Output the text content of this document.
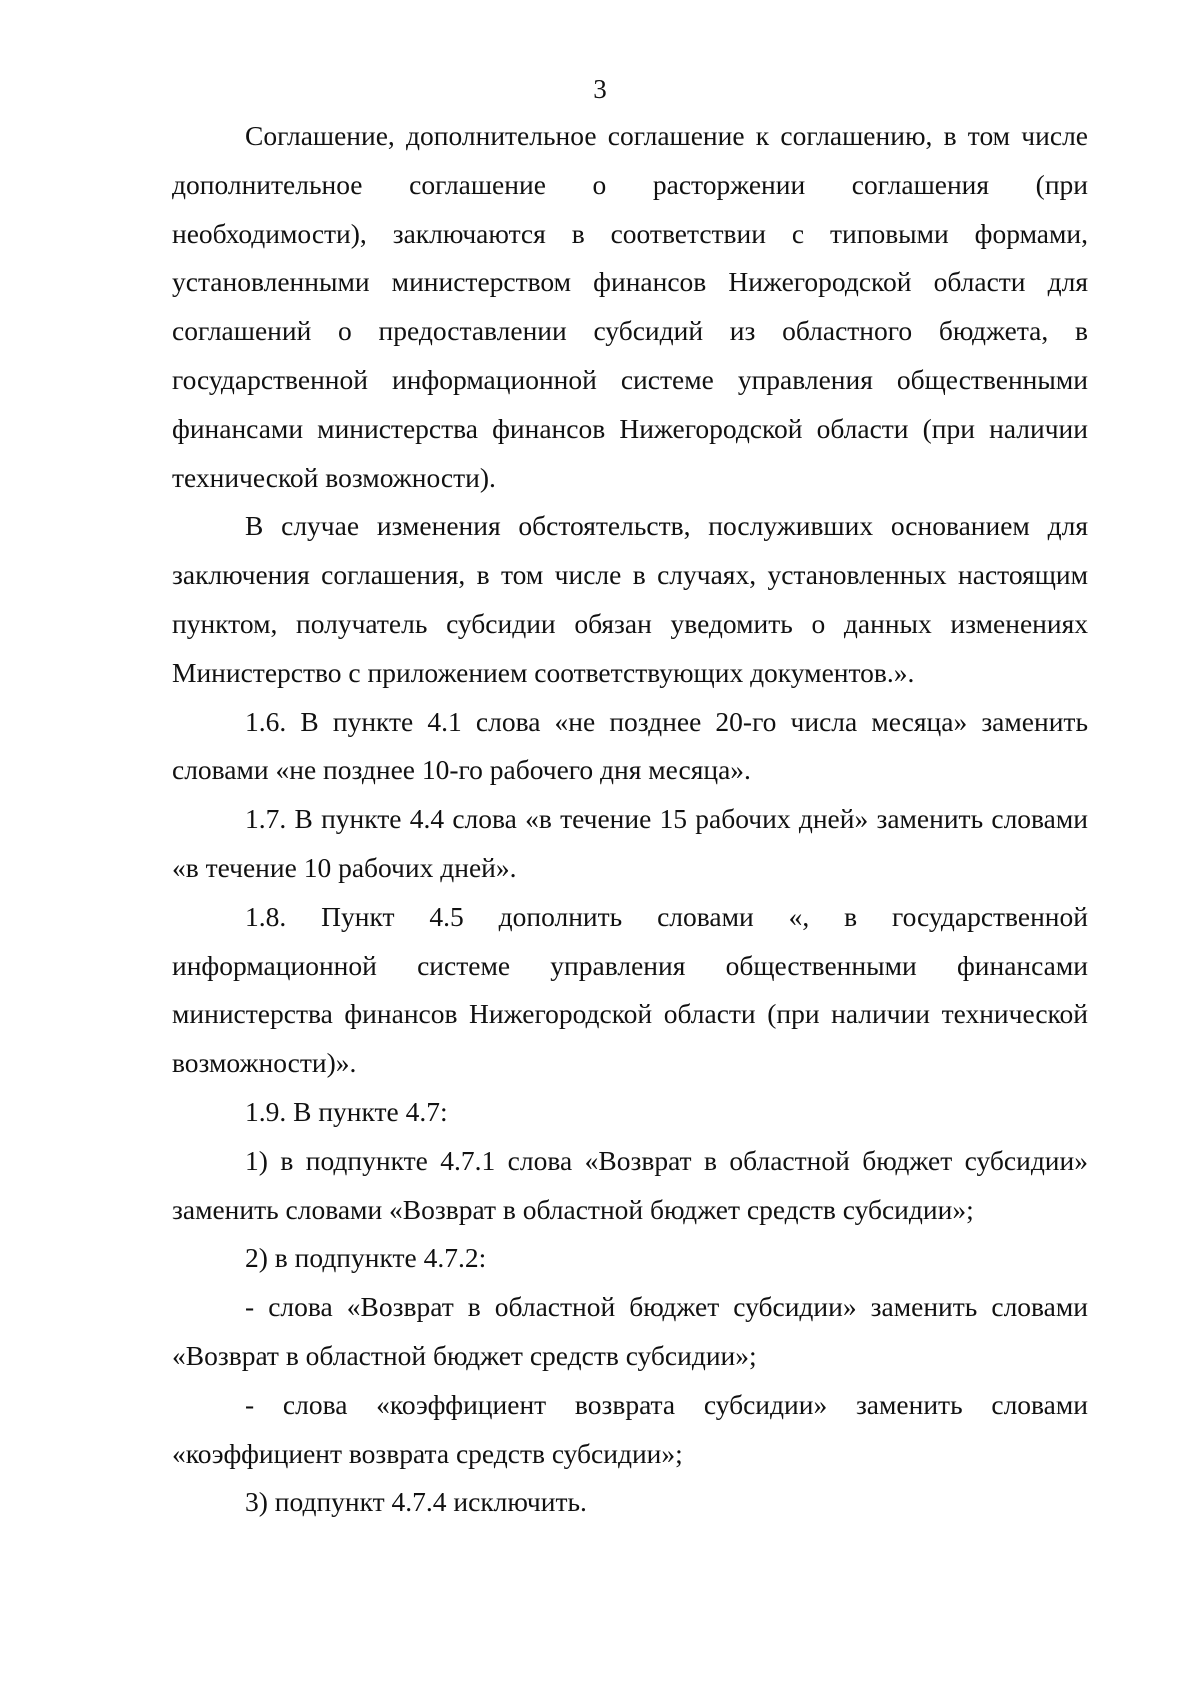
3

Соглашение, дополнительное соглашение к соглашению, в том числе дополнительное соглашение о расторжении соглашения (при необходимости), заключаются в соответствии с типовыми формами, установленными министерством финансов Нижегородской области для соглашений о предоставлении субсидий из областного бюджета, в государственной информационной системе управления общественными финансами министерства финансов Нижегородской области (при наличии технической возможности).

В случае изменения обстоятельств, послуживших основанием для заключения соглашения, в том числе в случаях, установленных настоящим пунктом, получатель субсидии обязан уведомить о данных изменениях Министерство с приложением соответствующих документов.».

1.6. В пункте 4.1 слова «не позднее 20-го числа месяца» заменить словами «не позднее 10-го рабочего дня месяца».

1.7. В пункте 4.4 слова «в течение 15 рабочих дней» заменить словами «в течение 10 рабочих дней».

1.8. Пункт 4.5 дополнить словами «, в государственной информационной системе управления общественными финансами министерства финансов Нижегородской области (при наличии технической возможности)».

1.9. В пункте 4.7:

1) в подпункте 4.7.1 слова «Возврат в областной бюджет субсидии» заменить словами «Возврат в областной бюджет средств субсидии»;

2) в подпункте 4.7.2:

- слова «Возврат в областной бюджет субсидии» заменить словами «Возврат в областной бюджет средств субсидии»;

- слова «коэффициент возврата субсидии» заменить словами «коэффициент возврата средств субсидии»;

3) подпункт 4.7.4 исключить.
